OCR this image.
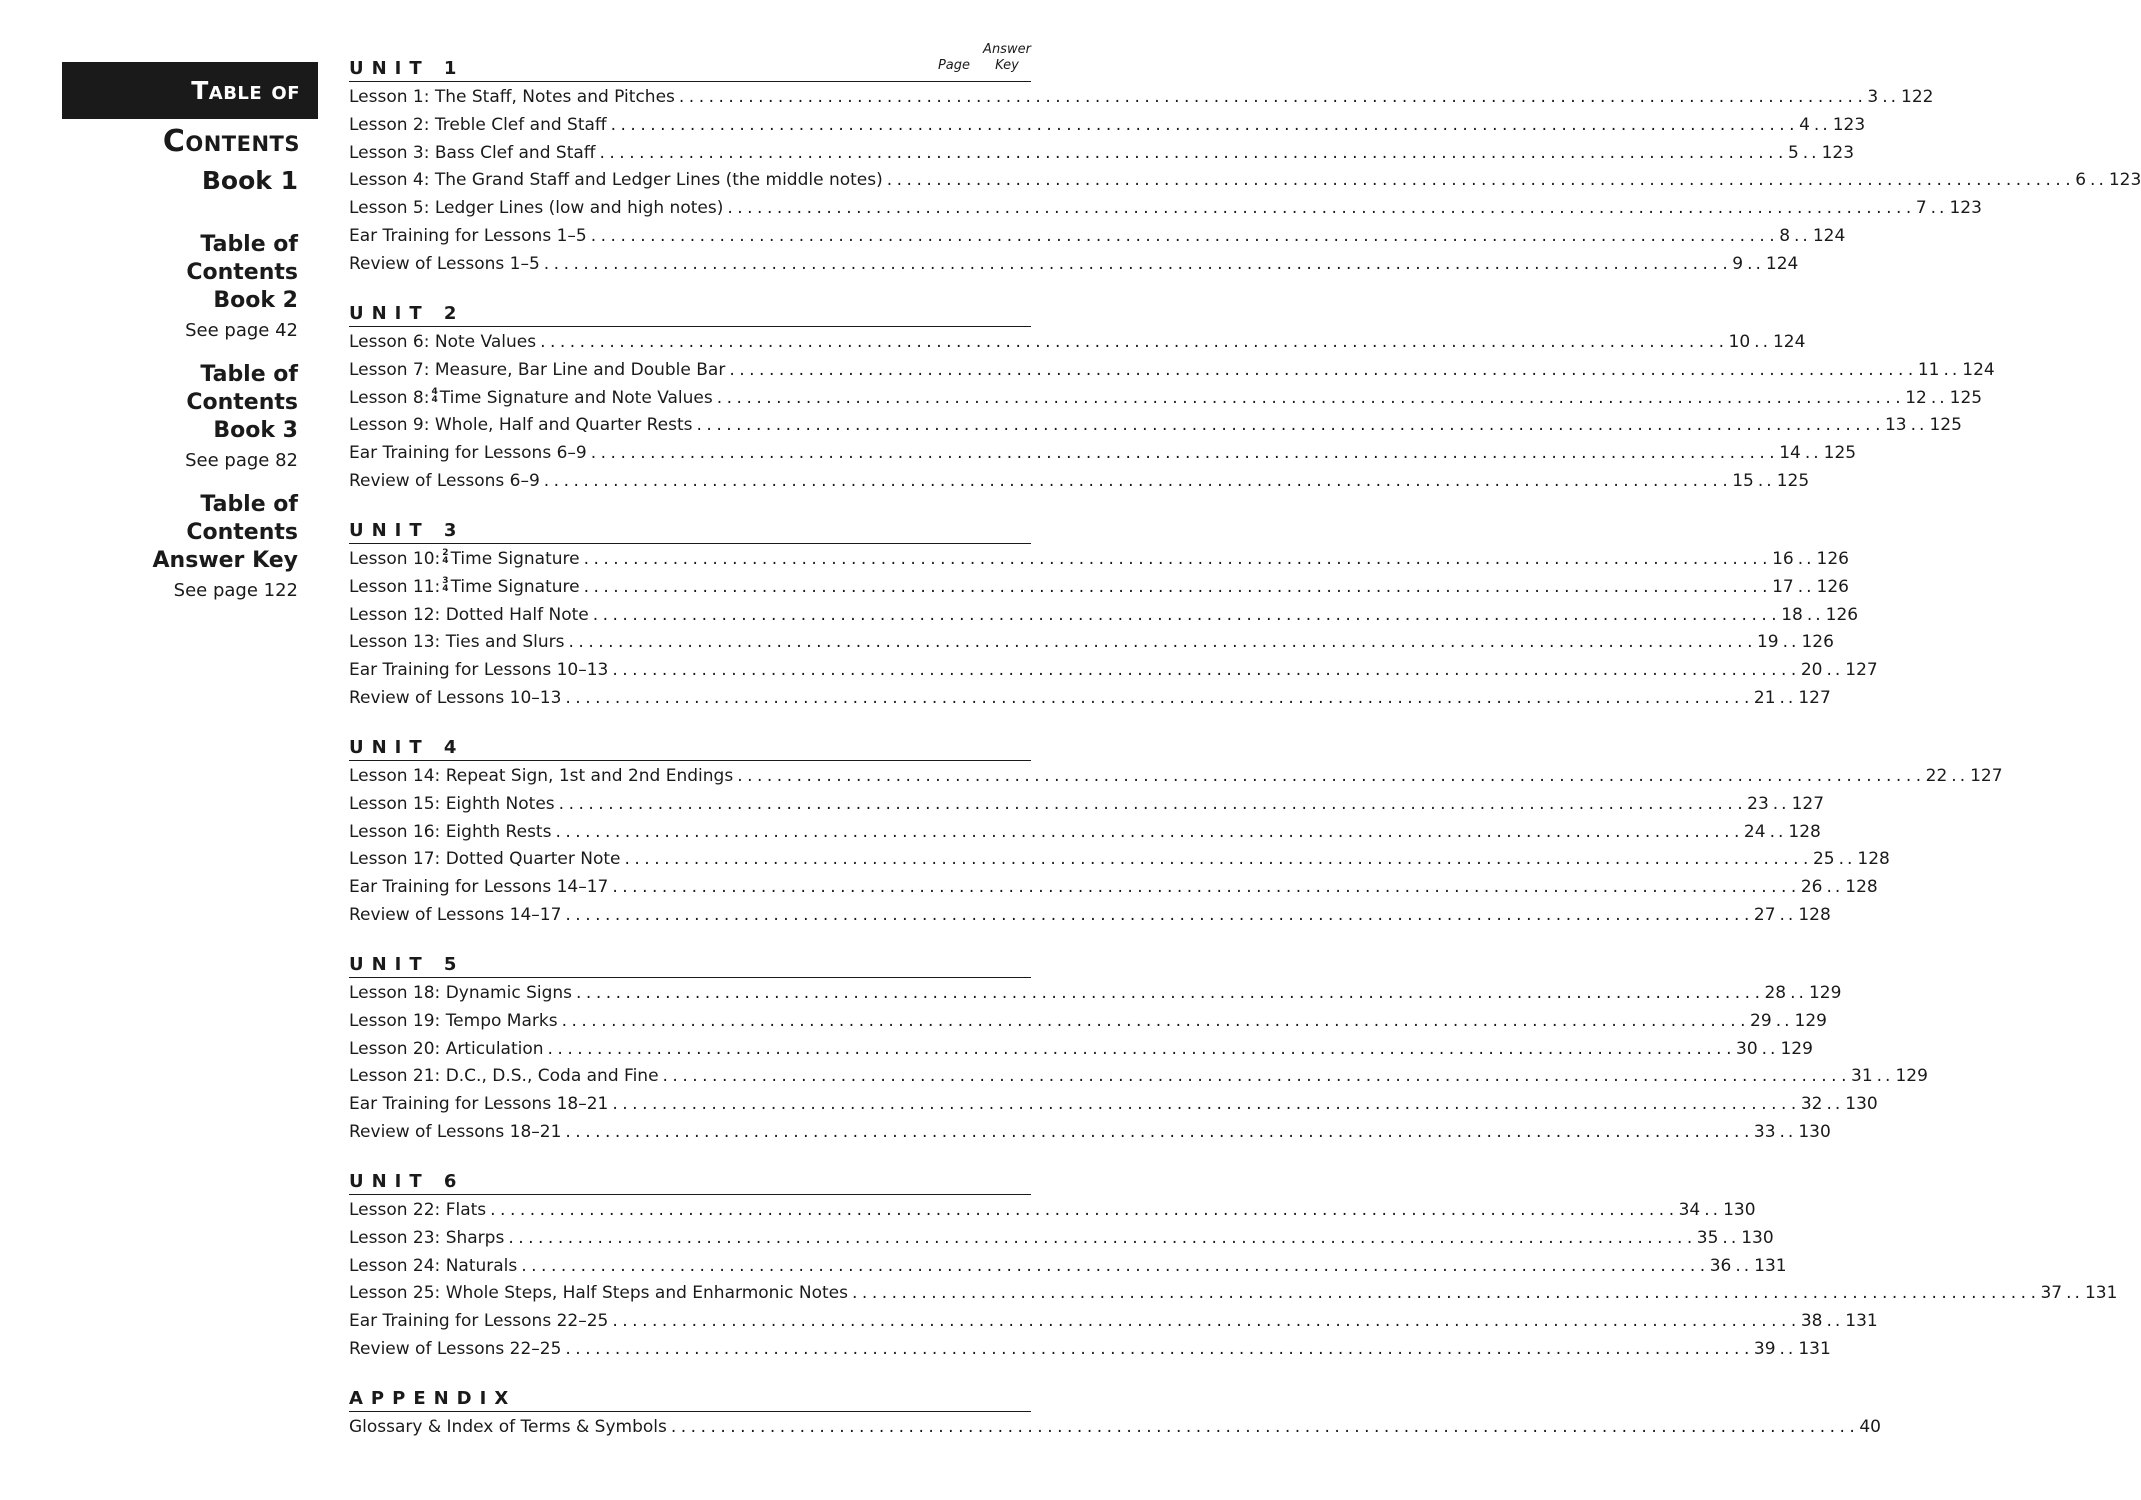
Table of
Contents
Book 1
Table of
Contents
Book 2
See page 42
Table of
Contents
Book 3
See page 82
Table of
Contents
Answer Key
See page 122
Page
Answer
Key
UNIT 1
Lesson 1: The Staff, Notes and Pitches ........................................................................................................................ 3 .. 122
Lesson 2: Treble Clef and Staff ........................................................................................................................ 4 .. 123
Lesson 3: Bass Clef and Staff ........................................................................................................................ 5 .. 123
Lesson 4: The Grand Staff and Ledger Lines (the middle notes) ........................................................................................................................ 6 .. 123
Lesson 5: Ledger Lines (low and high notes) ........................................................................................................................ 7 .. 123
Ear Training for Lessons 1–5 ........................................................................................................................ 8 .. 124
Review of Lessons 1–5 ........................................................................................................................ 9 .. 124
UNIT 2
Lesson 6: Note Values ........................................................................................................................ 10 .. 124
Lesson 7: Measure, Bar Line and Double Bar ........................................................................................................................ 11 .. 124
Lesson 8: 4
4 Time Signature and Note Values ........................................................................................................................ 12 .. 125
Lesson 9: Whole, Half and Quarter Rests ........................................................................................................................ 13 .. 125
Ear Training for Lessons 6–9 ........................................................................................................................ 14 .. 125
Review of Lessons 6–9 ........................................................................................................................ 15 .. 125
UNIT 3
Lesson 10: 2
4 Time Signature ........................................................................................................................ 16 .. 126
Lesson 11: 3
4 Time Signature ........................................................................................................................ 17 .. 126
Lesson 12: Dotted Half Note ........................................................................................................................ 18 .. 126
Lesson 13: Ties and Slurs ........................................................................................................................ 19 .. 126
Ear Training for Lessons 10–13 ........................................................................................................................ 20 .. 127
Review of Lessons 10–13 ........................................................................................................................ 21 .. 127
UNIT 4
Lesson 14: Repeat Sign, 1st and 2nd Endings ........................................................................................................................ 22 .. 127
Lesson 15: Eighth Notes ........................................................................................................................ 23 .. 127
Lesson 16: Eighth Rests ........................................................................................................................ 24 .. 128
Lesson 17: Dotted Quarter Note ........................................................................................................................ 25 .. 128
Ear Training for Lessons 14–17 ........................................................................................................................ 26 .. 128
Review of Lessons 14–17 ........................................................................................................................ 27 .. 128
UNIT 5
Lesson 18: Dynamic Signs ........................................................................................................................ 28 .. 129
Lesson 19: Tempo Marks ........................................................................................................................ 29 .. 129
Lesson 20: Articulation ........................................................................................................................ 30 .. 129
Lesson 21: D.C., D.S., Coda and Fine ........................................................................................................................ 31 .. 129
Ear Training for Lessons 18–21 ........................................................................................................................ 32 .. 130
Review of Lessons 18–21 ........................................................................................................................ 33 .. 130
UNIT 6
Lesson 22: Flats ........................................................................................................................ 34 .. 130
Lesson 23: Sharps ........................................................................................................................ 35 .. 130
Lesson 24: Naturals ........................................................................................................................ 36 .. 131
Lesson 25: Whole Steps, Half Steps and Enharmonic Notes ........................................................................................................................ 37 .. 131
Ear Training for Lessons 22–25 ........................................................................................................................ 38 .. 131
Review of Lessons 22–25 ........................................................................................................................ 39 .. 131
APPENDIX
Glossary & Index of Terms & Symbols ........................................................................................................................ 40
